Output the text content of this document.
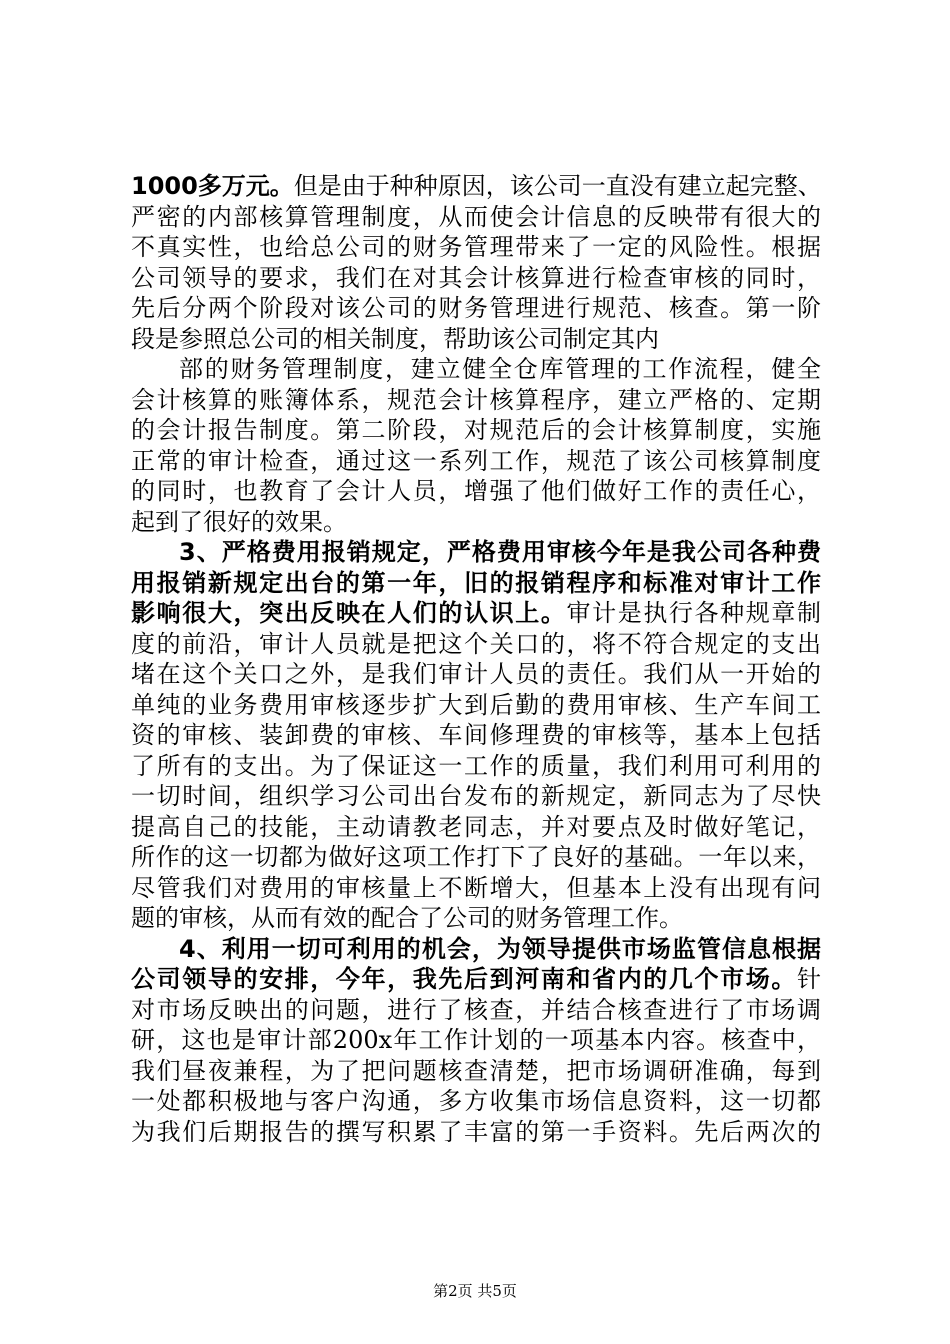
1000多万元。但是由于种种原因，该公司一直没有建立起完整、
严密的内部核算管理制度，从而使会计信息的反映带有很大的
不真实性，也给总公司的财务管理带来了一定的风险性。根据
公司领导的要求，我们在对其会计核算进行检查审核的同时，
先后分两个阶段对该公司的财务管理进行规范、核查。第一阶
段是参照总公司的相关制度，帮助该公司制定其内
部的财务管理制度，建立健全仓库管理的工作流程，健全
会计核算的账簿体系，规范会计核算程序，建立严格的、定期
的会计报告制度。第二阶段，对规范后的会计核算制度，实施
正常的审计检查，通过这一系列工作，规范了该公司核算制度
的同时，也教育了会计人员，增强了他们做好工作的责任心，
起到了很好的效果。
3、严格费用报销规定，严格费用审核今年是我公司各种费
用报销新规定出台的第一年，旧的报销程序和标准对审计工作
影响很大，突出反映在人们的认识上。审计是执行各种规章制
度的前沿，审计人员就是把这个关口的，将不符合规定的支出
堵在这个关口之外，是我们审计人员的责任。我们从一开始的
单纯的业务费用审核逐步扩大到后勤的费用审核、生产车间工
资的审核、装卸费的审核、车间修理费的审核等，基本上包括
了所有的支出。为了保证这一工作的质量，我们利用可利用的
一切时间，组织学习公司出台发布的新规定，新同志为了尽快
提高自己的技能，主动请教老同志，并对要点及时做好笔记，
所作的这一切都为做好这项工作打下了良好的基础。一年以来，
尽管我们对费用的审核量上不断增大，但基本上没有出现有问
题的审核，从而有效的配合了公司的财务管理工作。
4、利用一切可利用的机会，为领导提供市场监管信息根据
公司领导的安排，今年，我先后到河南和省内的几个市场。针
对市场反映出的问题，进行了核查，并结合核查进行了市场调
研，这也是审计部200x年工作计划的一项基本内容。核查中，
我们昼夜兼程，为了把问题核查清楚，把市场调研准确，每到
一处都积极地与客户沟通，多方收集市场信息资料，这一切都
为我们后期报告的撰写积累了丰富的第一手资料。先后两次的
第2页 共5页
